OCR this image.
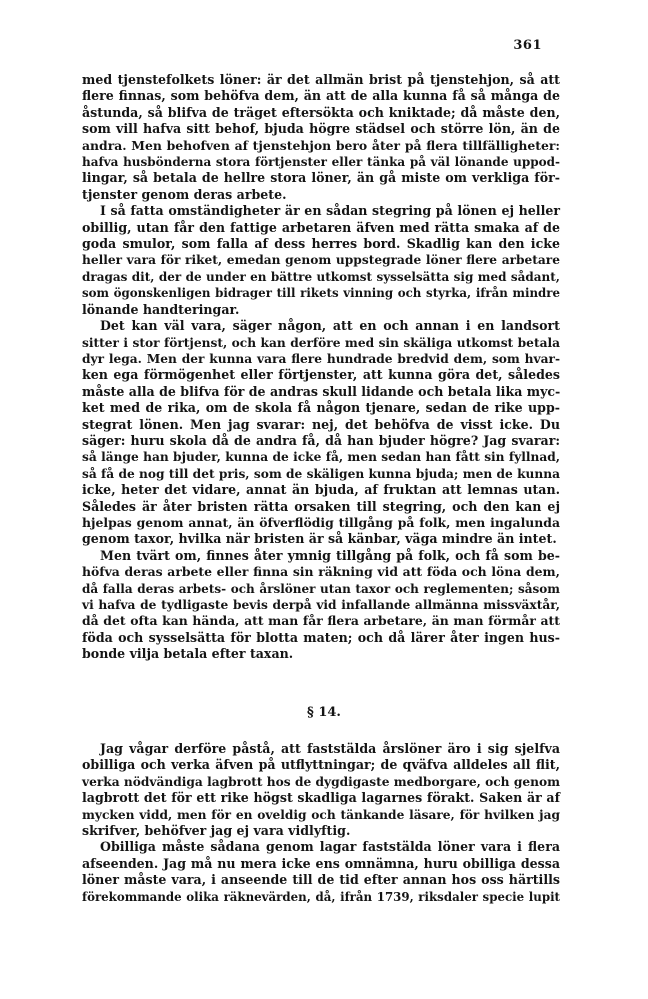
361
med tjenstefolkets löner: är det allmän brist på tjenstehjon, så att
flere finnas, som behöfva dem, än att de alla kunna få så många de
åstunda, så blifva de träget eftersökta och kniktade; då måste den,
som vill hafva sitt behof, bjuda högre städsel och större lön, än de
andra. Men behofven af tjenstehjon bero åter på flera tillfälligheter:
hafva husbönderna stora förtjenster eller tänka på väl lönande uppod-
lingar, så betala de hellre stora löner, än gå miste om verkliga för-
tjenster genom deras arbete.
I så fatta omständigheter är en sådan stegring på lönen ej heller
obillig, utan får den fattige arbetaren äfven med rätta smaka af de
goda smulor, som falla af dess herres bord. Skadlig kan den icke
heller vara för riket, emedan genom uppstegrade löner flere arbetare
dragas dit, der de under en bättre utkomst sysselsätta sig med sådant,
som ögonskenligen bidrager till rikets vinning och styrka, ifrån mindre
lönande handteringar.
Det kan väl vara, säger någon, att en och annan i en landsort
sitter i stor förtjenst, och kan derföre med sin skäliga utkomst betala
dyr lega. Men der kunna vara flere hundrade bredvid dem, som hvar-
ken ega förmögenhet eller förtjenster, att kunna göra det, således
måste alla de blifva för de andras skull lidande och betala lika myc-
ket med de rika, om de skola få någon tjenare, sedan de rike upp-
stegrat lönen. Men jag svarar: nej, det behöfva de visst icke. Du
säger: huru skola då de andra få, då han bjuder högre? Jag svarar:
så länge han bjuder, kunna de icke få, men sedan han fått sin fyllnad,
så få de nog till det pris, som de skäligen kunna bjuda; men de kunna
icke, heter det vidare, annat än bjuda, af fruktan att lemnas utan.
Således är åter bristen rätta orsaken till stegring, och den kan ej
hjelpas genom annat, än öfverflödig tillgång på folk, men ingalunda
genom taxor, hvilka när bristen är så känbar, väga mindre än intet.
Men tvärt om, finnes åter ymnig tillgång på folk, och få som be-
höfva deras arbete eller finna sin räkning vid att föda och löna dem,
då falla deras arbets- och årslöner utan taxor och reglementen; såsom
vi hafva de tydligaste bevis derpå vid infallande allmänna missväxtår,
då det ofta kan hända, att man får flera arbetare, än man förmår att
föda och sysselsätta för blotta maten; och då lärer åter ingen hus-
bonde vilja betala efter taxan.
§ 14.
Jag vågar derföre påstå, att faststälda årslöner äro i sig sjelfva
obilliga och verka äfven på utflyttningar; de qväfva alldeles all flit,
verka nödvändiga lagbrott hos de dygdigaste medborgare, och genom
lagbrott det för ett rike högst skadliga lagarnes förakt. Saken är af
mycken vidd, men för en oveldig och tänkande läsare, för hvilken jag
skrifver, behöfver jag ej vara vidlyftig.
Obilliga måste sådana genom lagar faststälda löner vara i flera
afseenden. Jag må nu mera icke ens omnämna, huru obilliga dessa
löner måste vara, i anseende till de tid efter annan hos oss härtills
förekommande olika räknevärden, då, ifrån 1739, riksdaler specie lupit
